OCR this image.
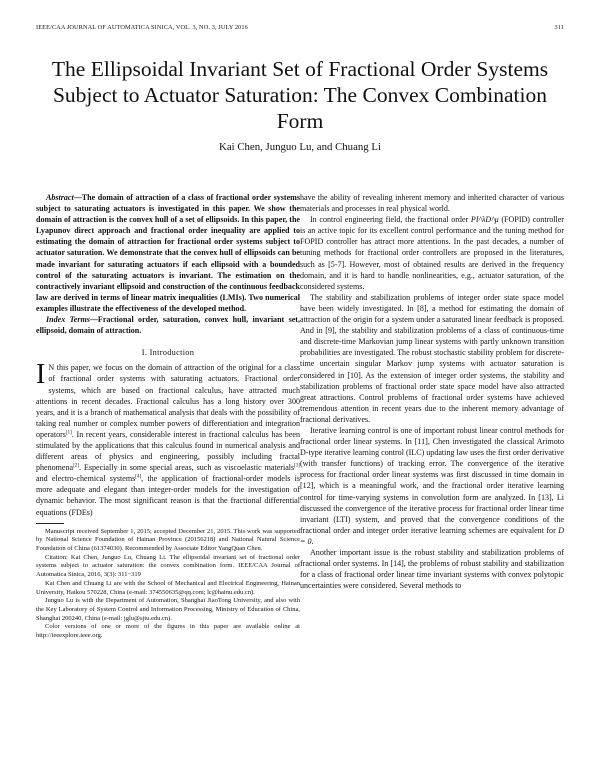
IEEE/CAA JOURNAL OF AUTOMATICA SINICA, VOL. 3, NO. 3, JULY 2016	311
The Ellipsoidal Invariant Set of Fractional Order Systems Subject to Actuator Saturation: The Convex Combination Form
Kai Chen, Junguo Lu, and Chuang Li

Abstract—The domain of attraction of a class of fractional order systems subject to saturating actuators is investigated in this paper. We show the domain of attraction is the convex hull of a set of ellipsoids. In this paper, the Lyapunov direct approach and fractional order inequality are applied to estimating the domain of attraction for fractional order systems subject to actuator saturation. We demonstrate that the convex hull of ellipsoids can be made invariant for saturating actuators if each ellipsoid with a bounded control of the saturating actuators is invariant. The estimation on the contractively invariant ellipsoid and construction of the continuous feedback law are derived in terms of linear matrix inequalities (LMIs). Two numerical examples illustrate the effectiveness of the developed method.

Index Terms—Fractional order, saturation, convex hull, invariant set, ellipsoid, domain of attraction.

I. Introduction

I N this paper, we focus on the domain of attraction of the original for a class of fractional order systems with saturating actuators. Fractional order systems, which are based on fractional calculus, have attracted much attentions in recent decades. Fractional calculus has a long history over 300 years, and it is a branch of mathematical analysis that deals with the possibility of taking real number or complex number powers of differentiation and integration operators[1]. In recent years, considerable interest in fractional calculus has been stimulated by the applications that this calculus found in numerical analysis and different areas of physics and engineering, possibly including fractal phenomena[2]. Especially in some special areas, such as viscoelastic materials[3] and electro-chemical systems[4], the application of fractional-order models is more adequate and elegant than integer-order models for the investigation of dynamic behavior. The most significant reason is that the fractional differential equations (FDEs)

Manuscript received September 1, 2015; accepted December 21, 2015. This work was supported by National Science Foundation of Hainan Province (20156218) and National Natural Science Foundation of China (61374030). Recommended by Associate Editor YangQuan Chen.

Citation: Kai Chen, Junguo Lu, Chuang Li. The ellipsoidal invariant set of fractional order systems subject to actuator saturation: the convex combination form. IEEE/CAA Journal of Automatica Sinica, 2016, 3(3): 311−319

Kai Chen and Chuang Li are with the School of Mechanical and Electrical Engineering, Hainan University, Haikou 570228, China (e-mail: 374550635@qq.com; lc@hainu.edu.cn).

Junguo Lu is with the Department of Automation, Shanghai JiaoTong University, and also with the Key Laboratory of System Control and Information Processing, Ministry of Education of China, Shanghai 200240, China (e-mail: jglu@sjtu.edu.cn).

Color versions of one or more of the figures in this paper are available online at http://ieeexplore.ieee.org.

have the ability of revealing inherent memory and inherited character of various materials and processes in real physical world.

In control engineering field, the fractional order PI^λD^μ (FOPID) controller is an active topic for its excellent control performance and the tuning method for FOPID controller has attract more attentions. In the past decades, a number of tuning methods for fractional order controllers are proposed in the literatures, such as [5-7]. However, most of obtained results are derived in the frequency domain, and it is hard to handle nonlinearities, e.g., actuator saturation, of the considered systems.

The stability and stabilization problems of integer order state space model have been widely investigated. In [8], a method for estimating the domain of attraction of the origin for a system under a saturated linear feedback is proposed. And in [9], the stability and stabilization problems of a class of continuous-time and discrete-time Markovian jump linear systems with partly unknown transition probabilities are investigated. The robust stochastic stability problem for discrete-time uncertain singular Markov jump systems with actuator saturation is considered in [10]. As the extension of integer order systems, the stability and stabilization problems of fractional order state space model have also attracted great attractions. Control problems of fractional order systems have achieved tremendous attention in recent years due to the inherent memory advantage of fractional derivatives.

Iterative learning control is one of important robust linear control methods for fractional order linear systems. In [11], Chen investigated the classical Arimoto D-type iterative learning control (ILC) updating law uses the first order derivative (with transfer functions) of tracking error. The convergence of the iterative process for fractional order linear systems was first discussed in time domain in [12], which is a meaningful work, and the fractional order iterative learning control for time-varying systems in convolution form are analyzed. In [13], Li discussed the convergence of the iterative process for fractional order linear time invariant (LTI) system, and proved that the convergence conditions of the fractional order and integer order iterative learning schemes are equivalent for D = 0.

Another important issue is the robust stability and stabilization problems of fractional order systems. In [14], the problems of robust stability and stabilization for a class of fractional order linear time invariant systems with convex polytopic uncertainties were considered. Several methods to
